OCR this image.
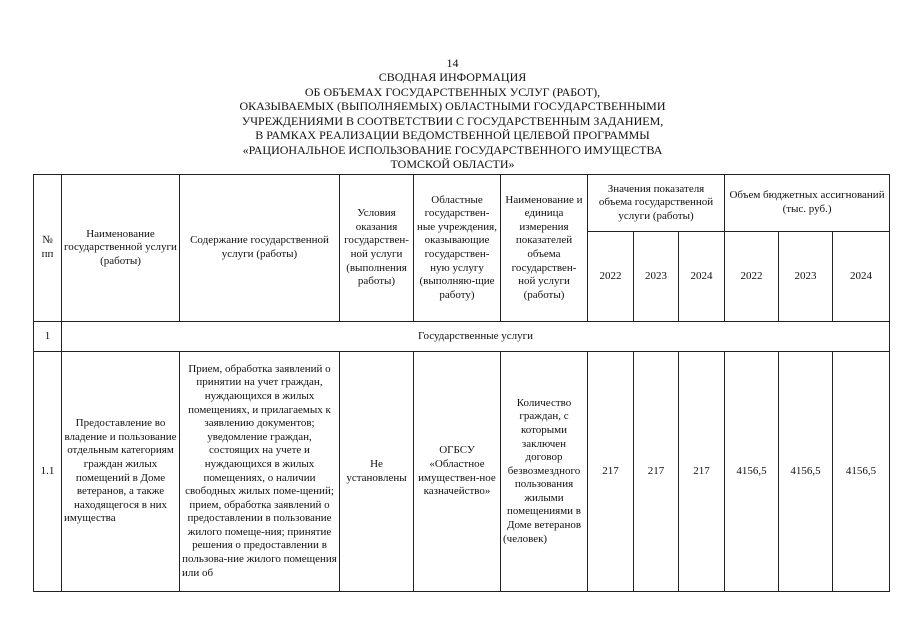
14
СВОДНАЯ ИНФОРМАЦИЯ
ОБ ОБЪЕМАХ ГОСУДАРСТВЕННЫХ УСЛУГ (РАБОТ),
ОКАЗЫВАЕМЫХ (ВЫПОЛНЯЕМЫХ) ОБЛАСТНЫМИ ГОСУДАРСТВЕННЫМИ
УЧРЕЖДЕНИЯМИ В СООТВЕТСТВИИ С ГОСУДАРСТВЕННЫМ ЗАДАНИЕМ,
В РАМКАХ РЕАЛИЗАЦИИ ВЕДОМСТВЕННОЙ ЦЕЛЕВОЙ ПРОГРАММЫ
«РАЦИОНАЛЬНОЕ ИСПОЛЬЗОВАНИЕ ГОСУДАРСТВЕННОГО ИМУЩЕСТВА
ТОМСКОЙ ОБЛАСТИ»
№ пп	Наименование государственной услуги (работы)	Содержание государственной услуги (работы)	Условия оказания государствен-ной услуги (выполнения работы)	Областные государствен-ные учреждения, оказывающие государствен-ную услугу (выполняю-щие работу)	Наименование и единица измерения показателей объема государствен-ной услуги (работы)	Значения показателя объема государственной услуги (работы)			Объем бюджетных ассигнований (тыс. руб.)		
						2022	2023	2024	2022	2023	2024
1	Государственные услуги										
1.1	Предоставление во владение и пользование отдельным категориям граждан жилых помещений в Доме ветеранов, а также находящегося в них имущества	Прием, обработка заявлений о принятии на учет граждан, нуждающихся в жилых помещениях, и прилагаемых к заявлению документов; уведомление граждан, состоящих на учете и нуждающихся в жилых помещениях, о наличии свободных жилых поме-щений; прием, обработка заявлений о предоставлении в пользование жилого помеще-ния; принятие решения о предоставлении в пользова-ние жилого помещения или об	Не установлены	ОГБСУ «Областное имуществен-ное казначейство»	Количество граждан, с которыми заключен договор безвозмездного пользования жилыми помещениями в Доме ветеранов (человек)	217	217	217	4156,5	4156,5	4156,5
